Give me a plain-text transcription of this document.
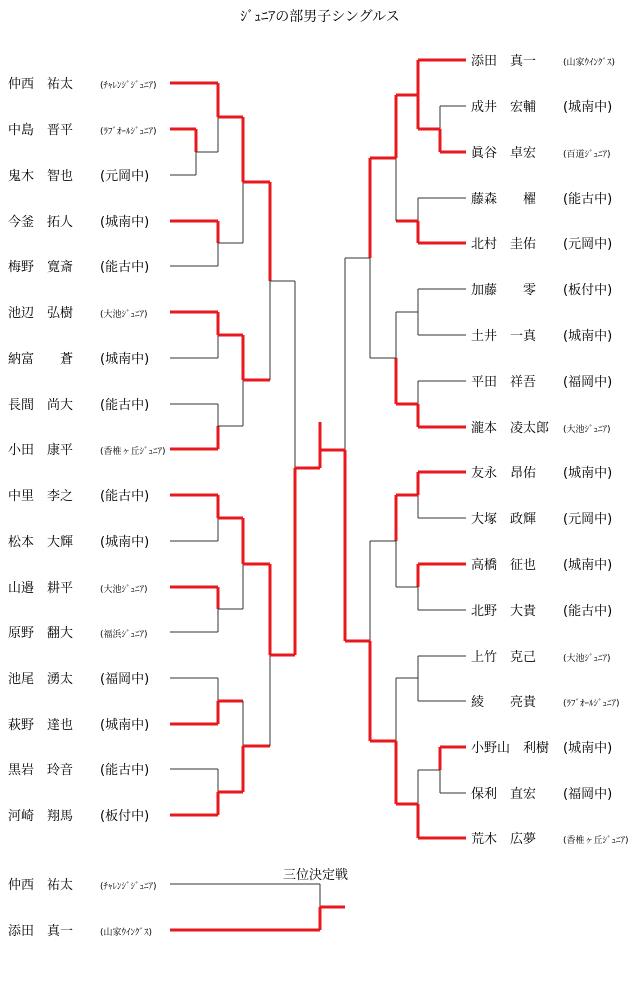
ｼﾞｭﾆｱの部男子シングルス
三位決定戦
仲西　祐太	(ﾁｬﾚﾝｼﾞｼﾞｭﾆｱ)
中島　晋平	(ﾗﾌﾞｵｰﾙｼﾞｭﾆｱ)
鬼木　智也 (元岡中)
今釜　拓人 (城南中)
梅野　寛斎 (能古中)
池辺　弘樹	(大池ｼﾞｭﾆｱ)
納富　　蒼 (城南中)
長間　尚大 (能古中)
小田　康平	(香椎ヶ丘ｼﾞｭﾆｱ)
中里　李之 (能古中)
松本　大輝 (城南中)
山邉　耕平	(大池ｼﾞｭﾆｱ)
原野　翻大	(福浜ｼﾞｭﾆｱ)
池尾　湧太 (福岡中)
萩野　達也 (城南中)
黒岩　玲音 (能古中)
河崎　翔馬 (板付中)
添田　真一	(山家ｳｲﾝｸﾞｽ)
成井　宏輔 (城南中)
眞谷　卓宏	(百道ｼﾞｭﾆｱ)
藤森　　櫂 (能古中)
北村　圭佑 (元岡中)
加藤　　零 (板付中)
土井　一真 (城南中)
平田　祥吾 (福岡中)
瀧本　凌太郎 (大池ｼﾞｭﾆｱ)
友永　昂佑 (城南中)
大塚　政輝 (元岡中)
高橋　征也 (城南中)
北野　大貴 (能古中)
上竹　克己	(大池ｼﾞｭﾆｱ)
綾　　亮貴	(ﾗﾌﾞｵｰﾙｼﾞｭﾆｱ)
小野山　利樹 (城南中)
保利　直宏 (福岡中)
荒木　広夢	(香椎ヶ丘ｼﾞｭﾆｱ)
仲西　祐太	(ﾁｬﾚﾝｼﾞｼﾞｭﾆｱ)
添田　真一	(山家ｳｲﾝｸﾞｽ)
